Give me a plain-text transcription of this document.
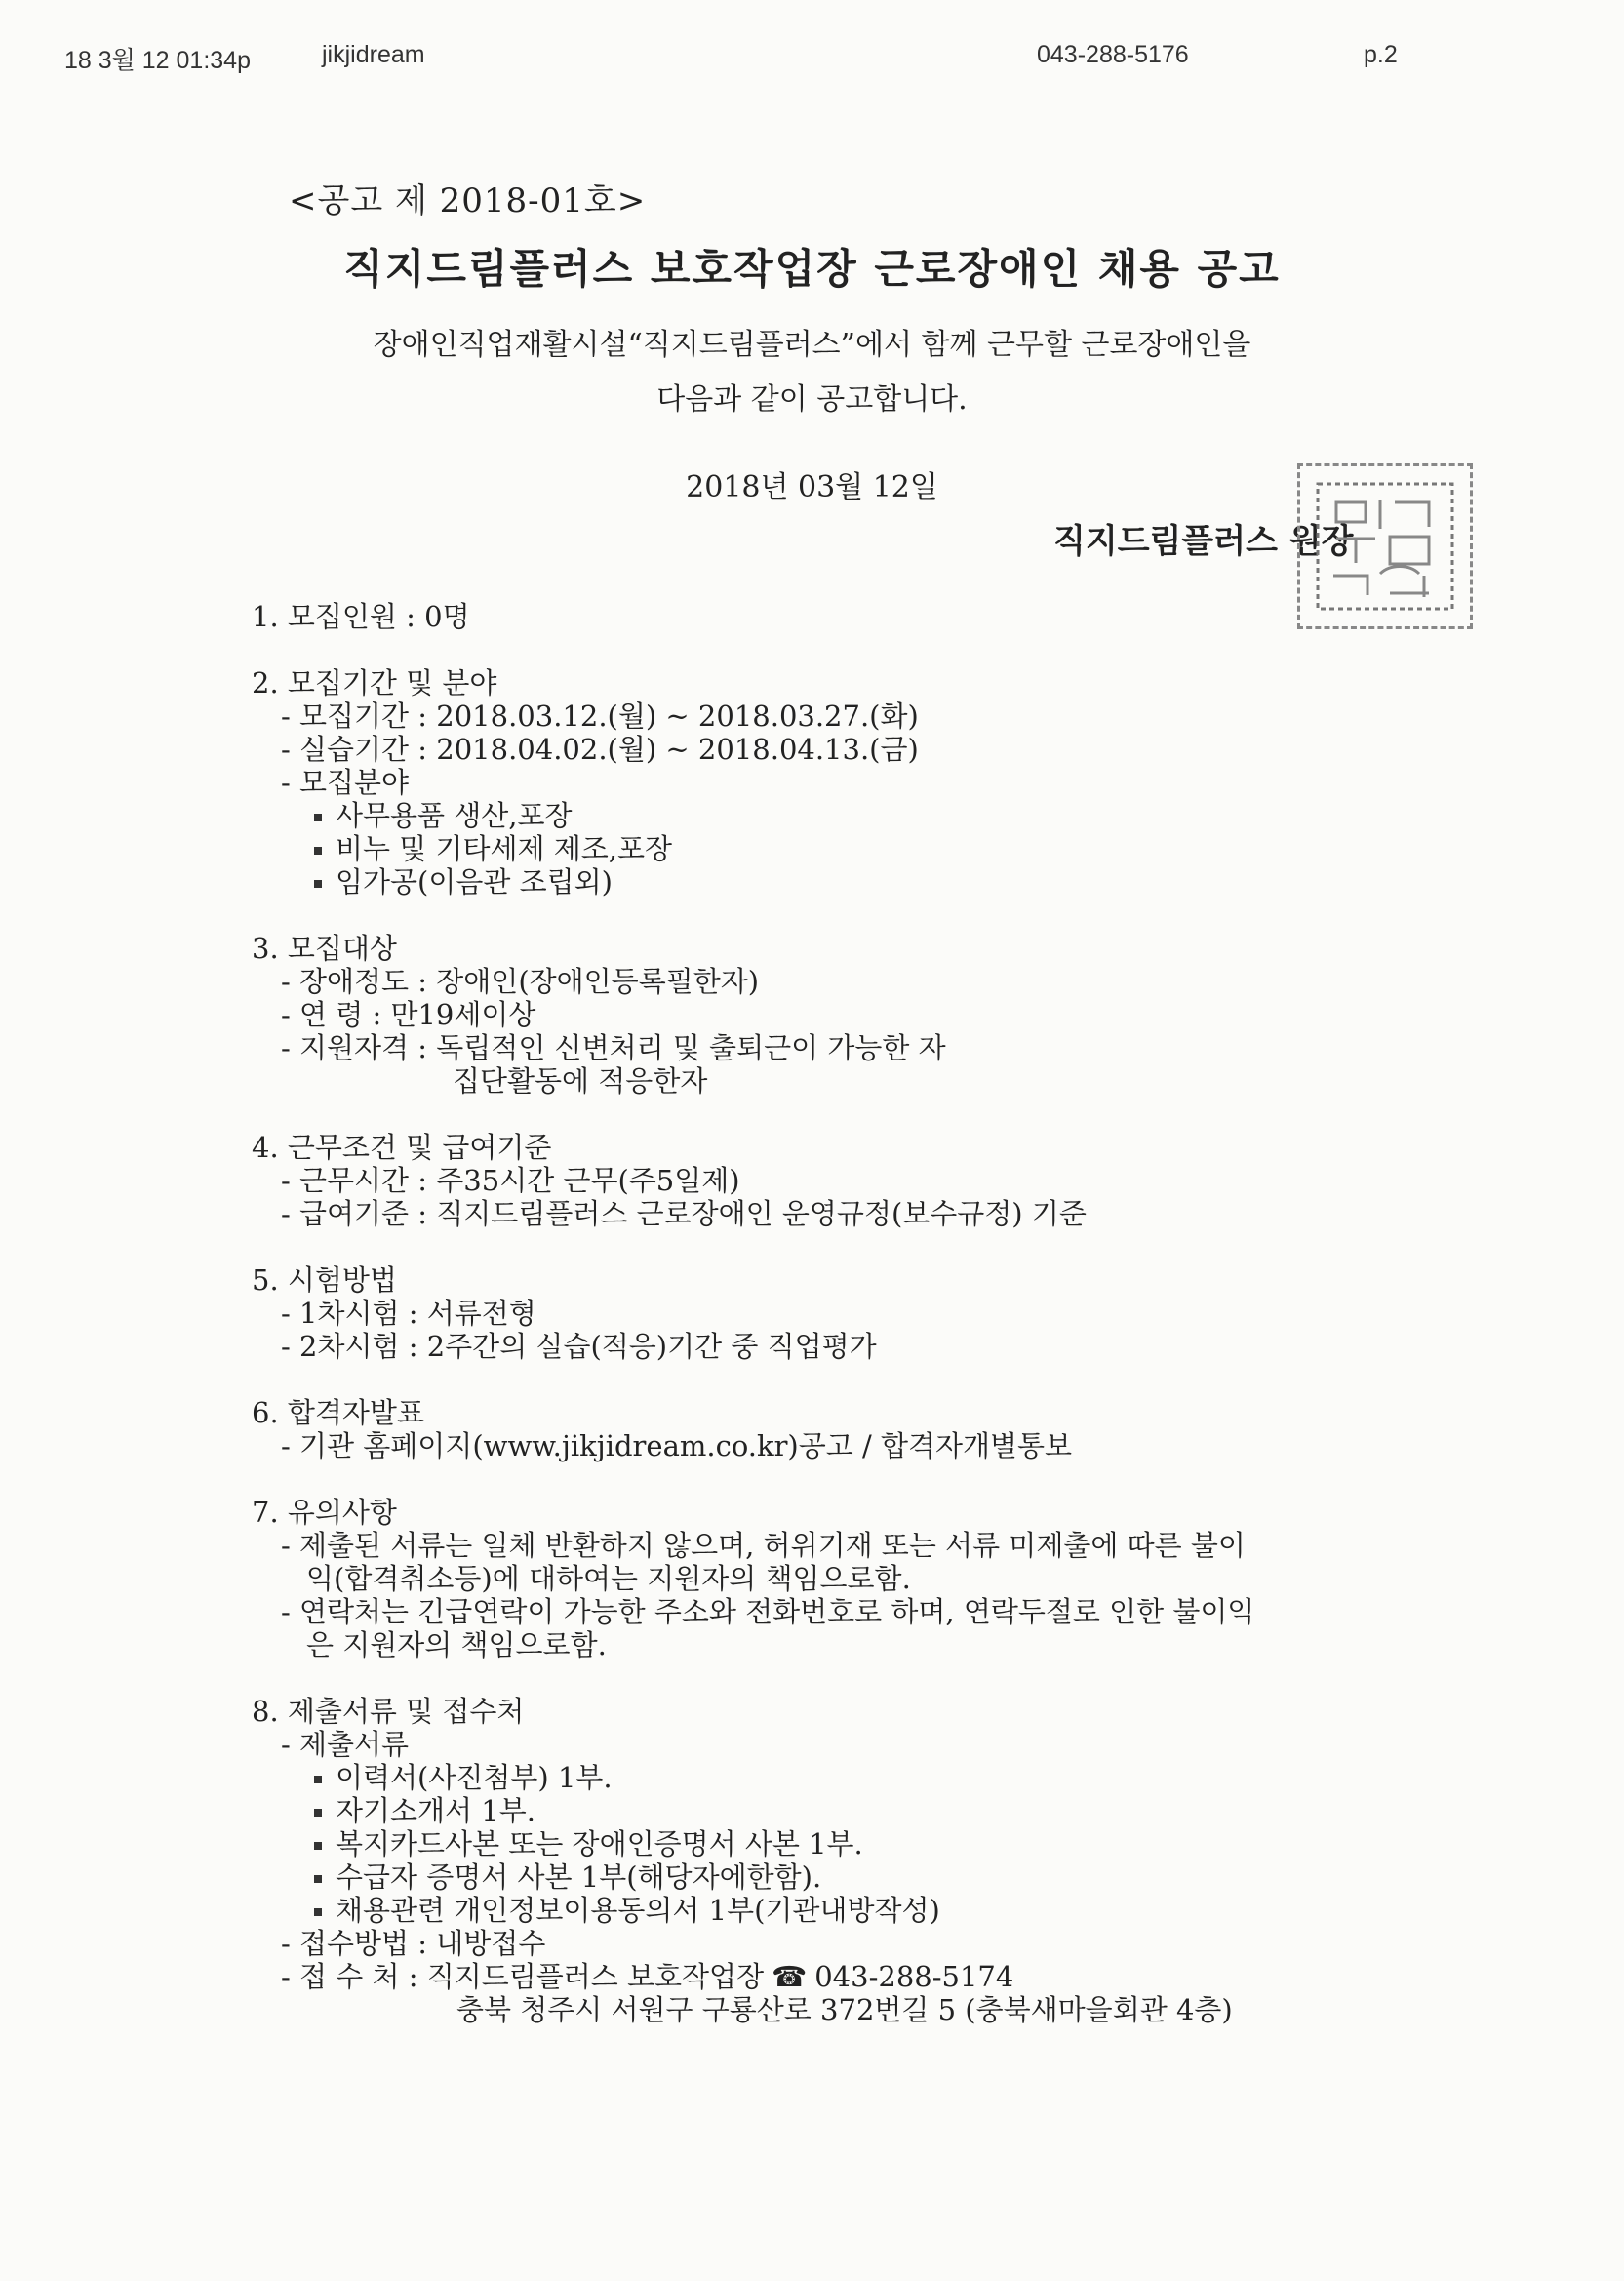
18 3월 12 01:34p	jikjidream	043-288-5176	p.2
<공고 제 2018-01호>
직지드림플러스 보호작업장 근로장애인 채용 공고
장애인직업재활시설“직지드림플러스”에서 함께 근무할 근로장애인을
다음과 같이 공고합니다.
2018년 03월 12일
직지드림플러스 원장
1. 모집인원 : 0명
2. 모집기간 및 분야
- 모집기간 : 2018.03.12.(월) ~ 2018.03.27.(화)
- 실습기간 : 2018.04.02.(월) ~ 2018.04.13.(금)
- 모집분야
사무용품 생산,포장
비누 및 기타세제 제조,포장
임가공(이음관 조립외)
3. 모집대상
- 장애정도 : 장애인(장애인등록필한자)
- 연 령 : 만19세이상
- 지원자격 : 독립적인 신변처리 및 출퇴근이 가능한 자
집단활동에 적응한자
4. 근무조건 및 급여기준
- 근무시간 : 주35시간 근무(주5일제)
- 급여기준 : 직지드림플러스 근로장애인 운영규정(보수규정) 기준
5. 시험방법
- 1차시험 : 서류전형
- 2차시험 : 2주간의 실습(적응)기간 중 직업평가
6. 합격자발표
- 기관 홈페이지(www.jikjidream.co.kr)공고 / 합격자개별통보
7. 유의사항
- 제출된 서류는 일체 반환하지 않으며, 허위기재 또는 서류 미제출에 따른 불이
익(합격취소등)에 대하여는 지원자의 책임으로함.
- 연락처는 긴급연락이 가능한 주소와 전화번호로 하며, 연락두절로 인한 불이익
은 지원자의 책임으로함.
8. 제출서류 및 접수처
- 제출서류
이력서(사진첨부) 1부.
자기소개서 1부.
복지카드사본 또는 장애인증명서 사본 1부.
수급자 증명서 사본 1부(해당자에한함).
채용관련 개인정보이용동의서 1부(기관내방작성)
- 접수방법 : 내방접수
- 접 수 처 : 직지드림플러스 보호작업장 ☎ 043-288-5174
충북 청주시 서원구 구룡산로 372번길 5 (충북새마을회관 4층)
